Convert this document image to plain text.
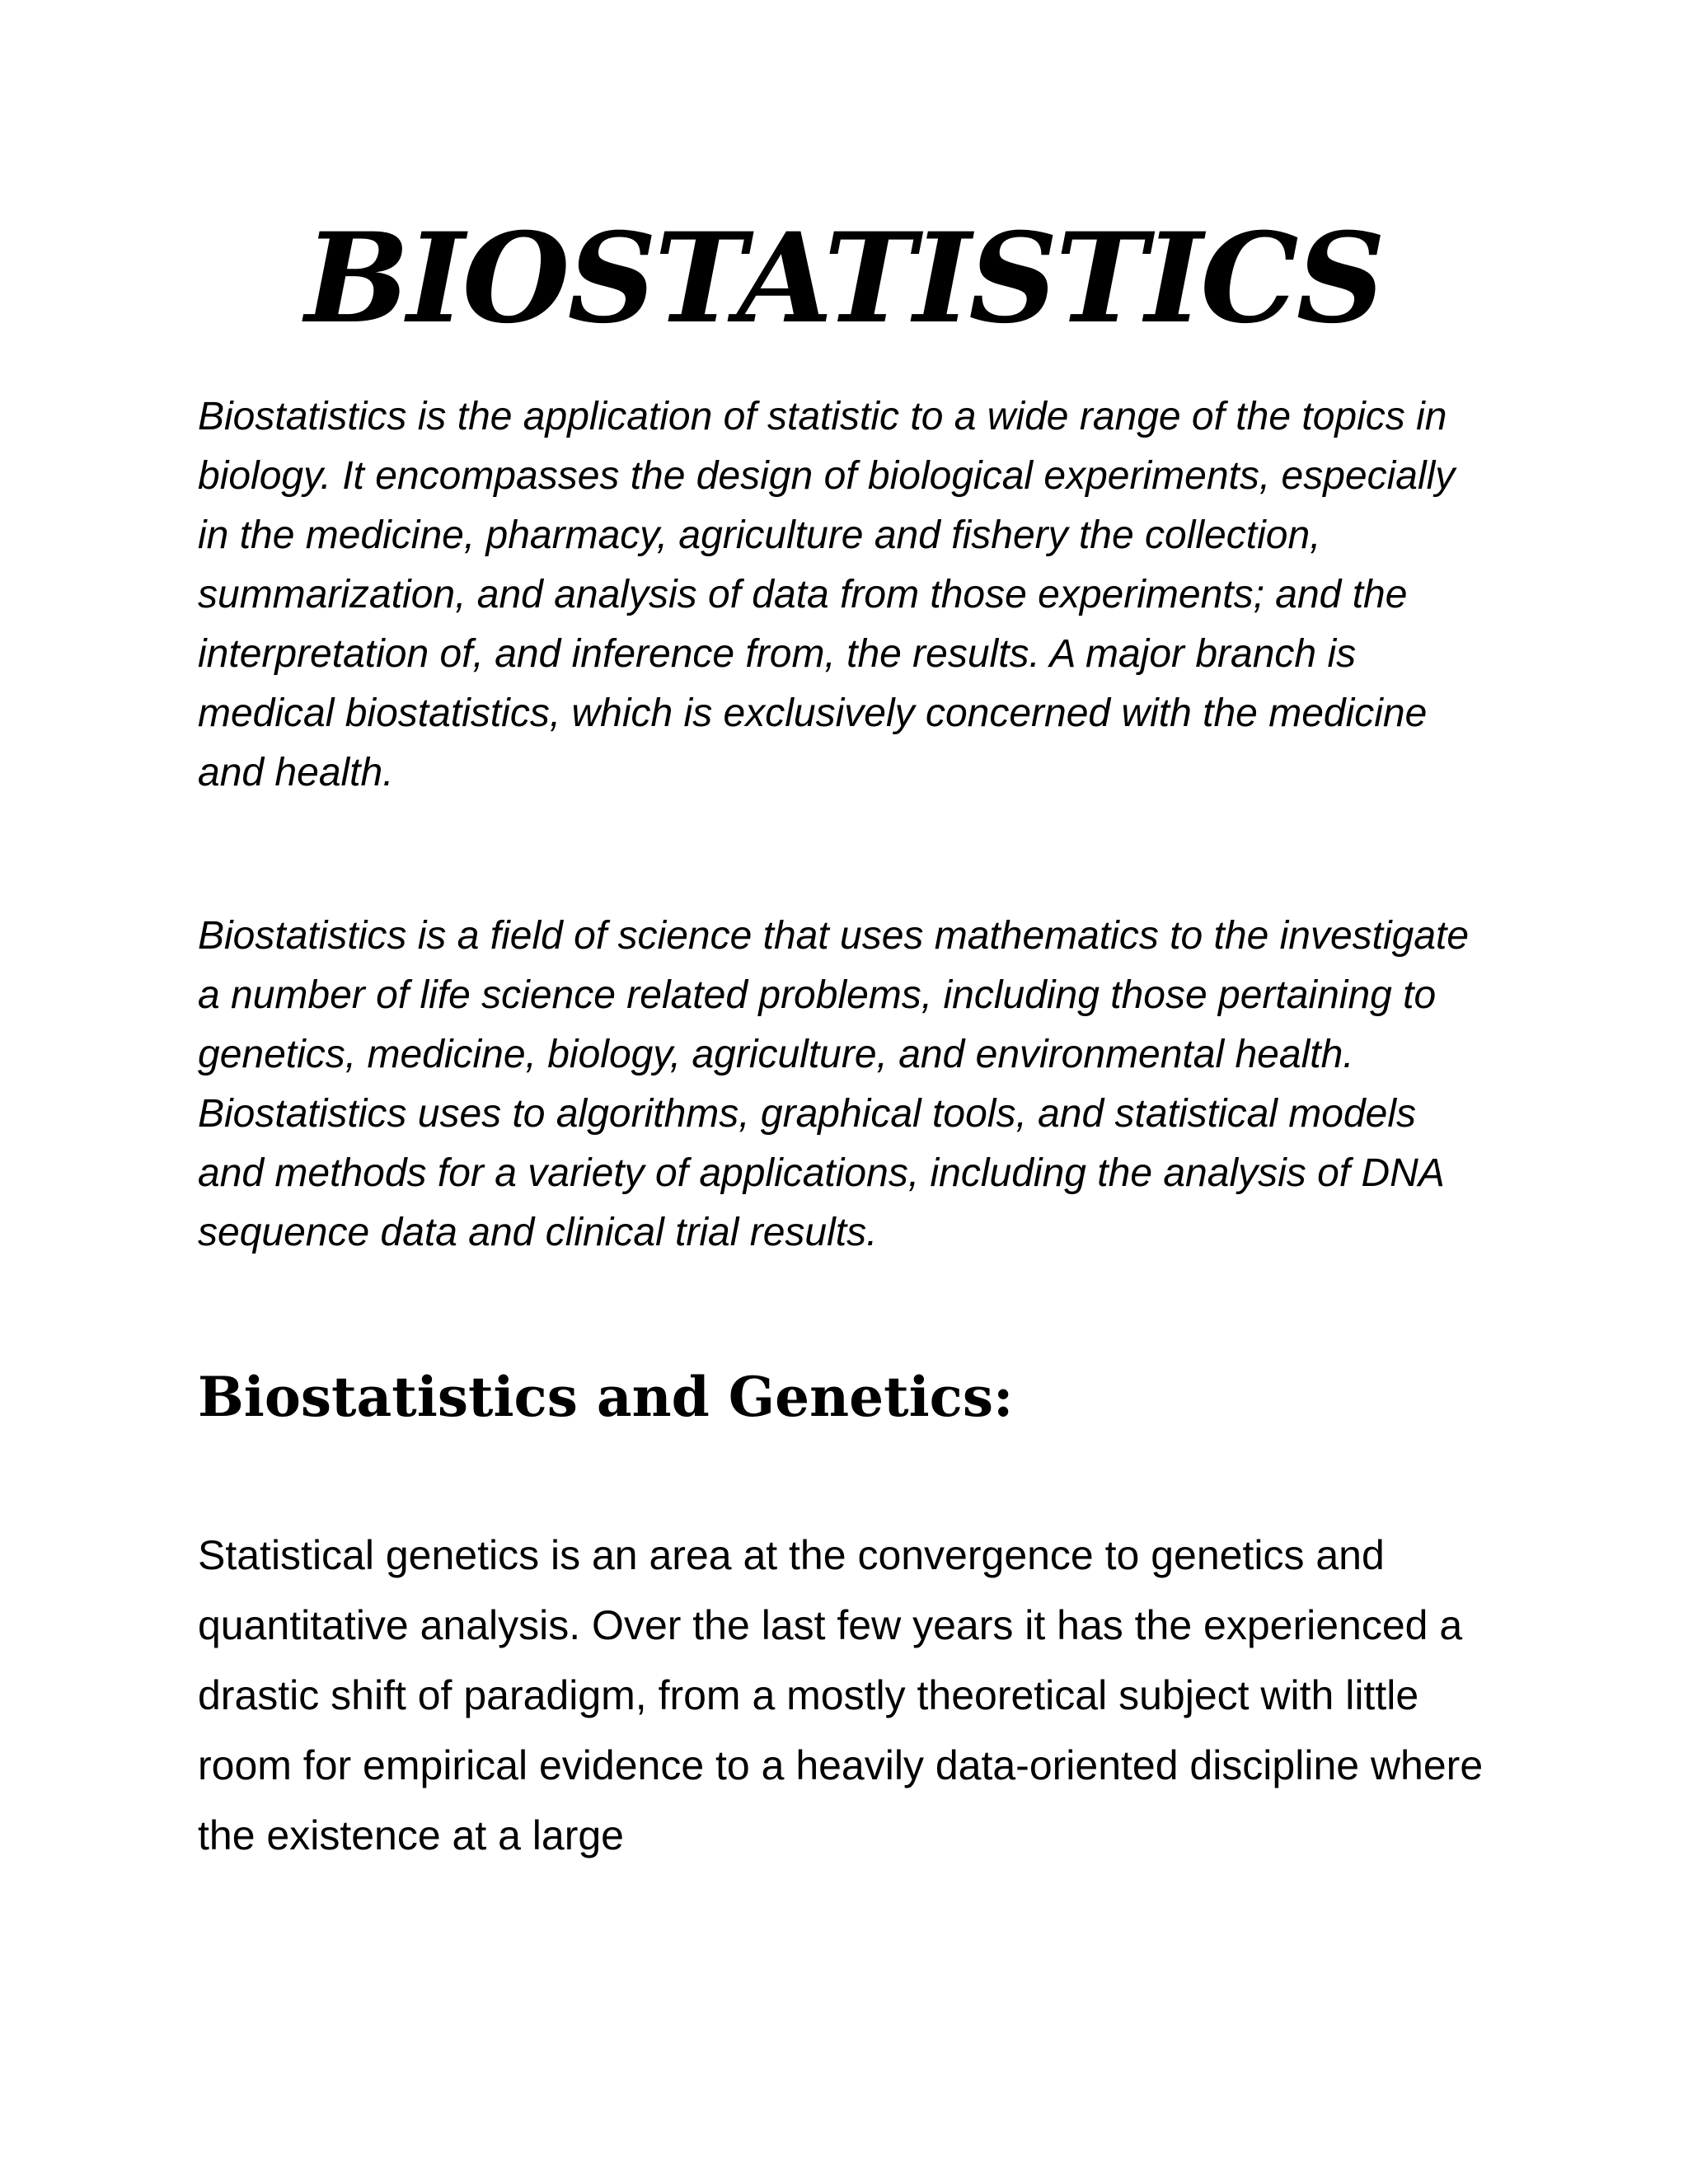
BIOSTATISTICS

Biostatistics is the application of statistic to a wide range of the topics in biology. It encompasses the design of biological experiments, especially in the medicine, pharmacy, agriculture and fishery the collection, summarization, and analysis of data from those experiments; and the interpretation of, and inference from, the results. A major branch is medical biostatistics, which is exclusively concerned with the medicine and health.

Biostatistics is a field of science that uses mathematics to the investigate a number of life science related problems, including those pertaining to genetics, medicine, biology, agriculture, and environmental health. Biostatistics uses to algorithms, graphical tools, and statistical models and methods for a variety of applications, including the analysis of DNA sequence data and clinical trial results.

Biostatistics and Genetics:

Statistical genetics is an area at the convergence to genetics and quantitative analysis. Over the last few years it has the experienced a drastic shift of paradigm, from a mostly theoretical subject with little room for empirical evidence to a heavily data-oriented discipline where the existence at a large
